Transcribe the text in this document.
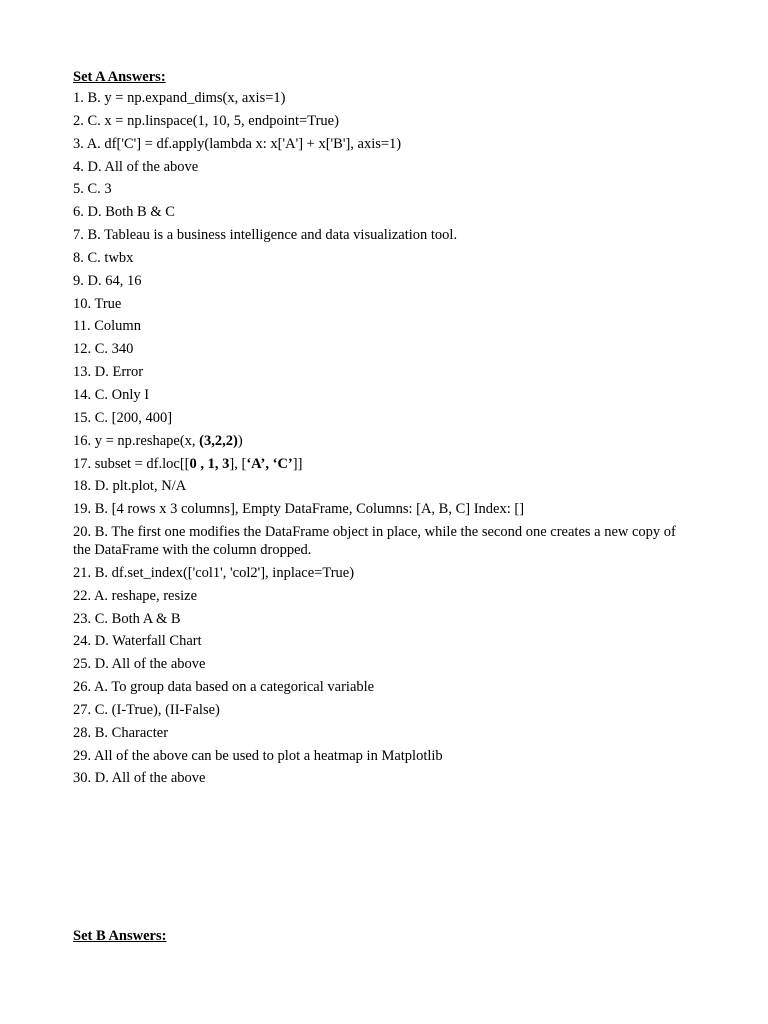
Set A Answers:
1. B. y = np.expand_dims(x, axis=1)
2. C. x = np.linspace(1, 10, 5, endpoint=True)
3. A. df['C'] = df.apply(lambda x: x['A'] + x['B'], axis=1)
4. D. All of the above
5. C. 3
6. D. Both B & C
7. B. Tableau is a business intelligence and data visualization tool.
8. C. twbx
9. D. 64, 16
10. True
11. Column
12. C. 340
13. D. Error
14. C. Only I
15. C. [200, 400]
16. y = np.reshape(x, (3,2,2))
17. subset = df.loc[[0 , 1, 3], [‘A’, ‘C’]]
18. D. plt.plot, N/A
19. B. [4 rows x 3 columns], Empty DataFrame, Columns: [A, B, C] Index: []
20. B. The first one modifies the DataFrame object in place, while the second one creates a new copy of the DataFrame with the column dropped.
21. B. df.set_index(['col1', 'col2'], inplace=True)
22. A. reshape, resize
23. C. Both A & B
24. D. Waterfall Chart
25. D. All of the above
26. A. To group data based on a categorical variable
27. C. (I-True), (II-False)
28. B. Character
29. All of the above can be used to plot a heatmap in Matplotlib
30. D. All of the above
Set B Answers:
